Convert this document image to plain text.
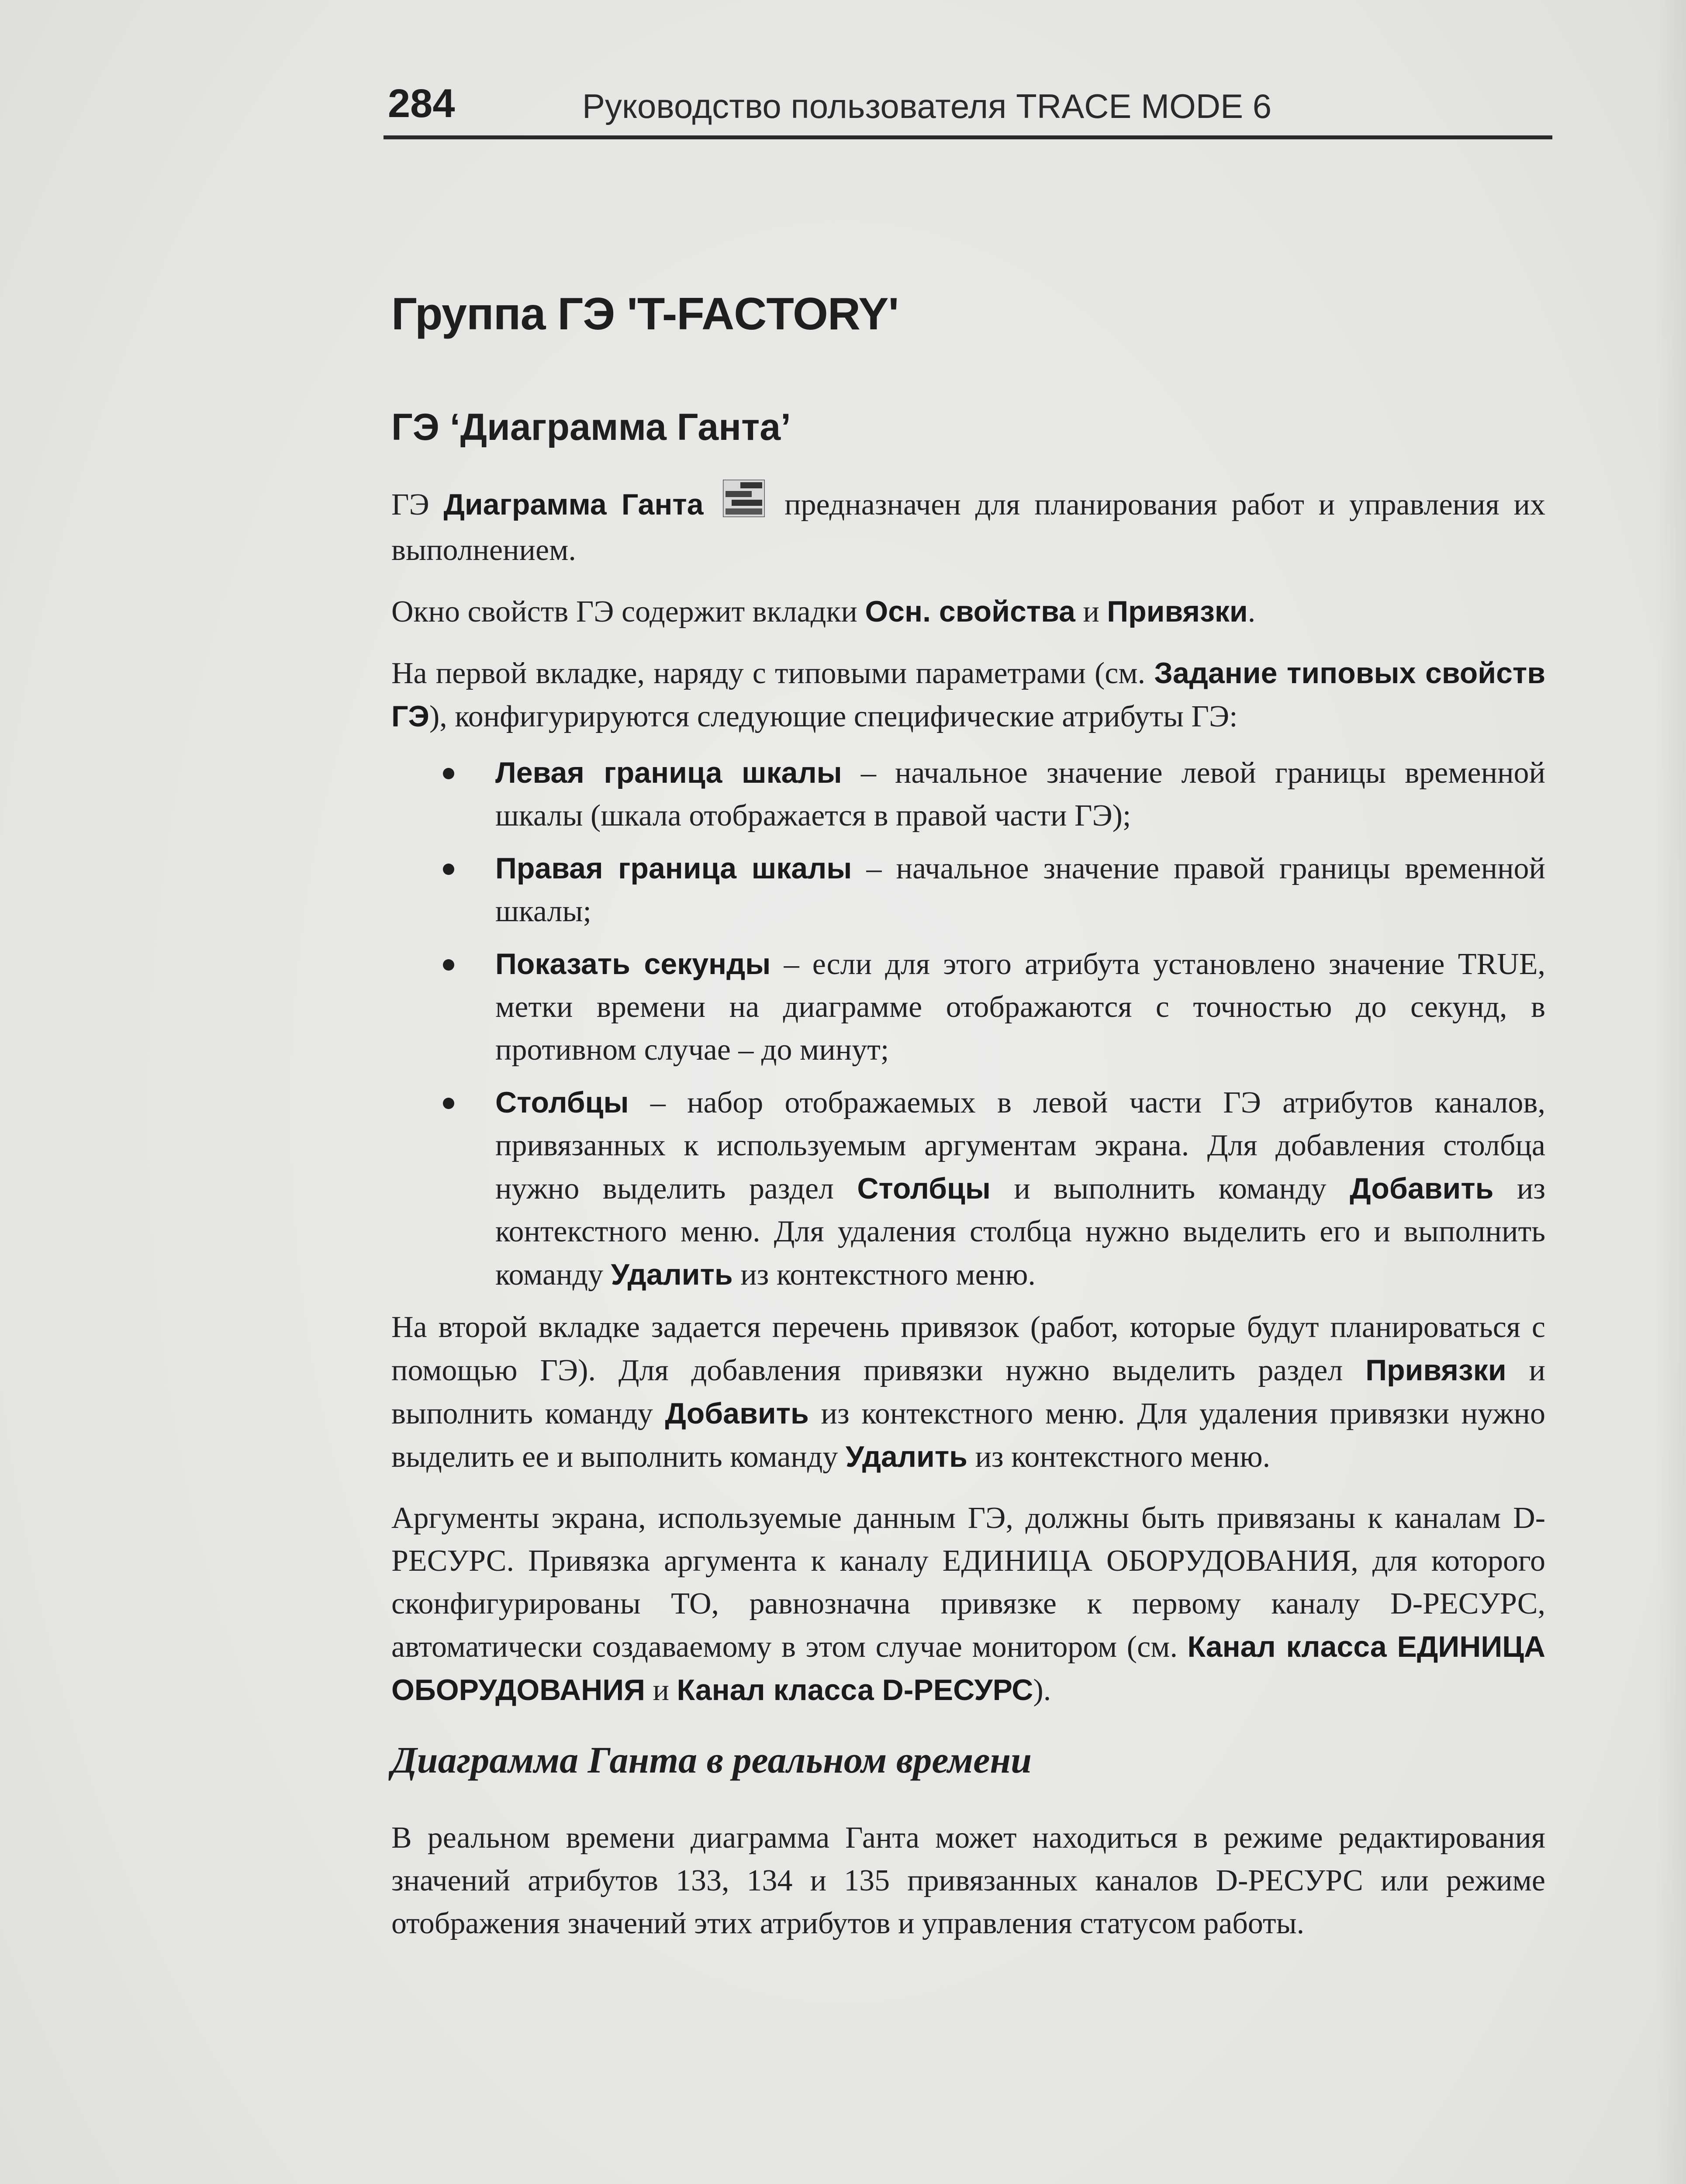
284	Руководство пользователя TRACE MODE 6
Группа ГЭ 'T-FACTORY'
ГЭ ‘Диаграмма Ганта’

ГЭ Диаграмма Ганта	предназначен для планирования работ и управления их выполнением.

Окно свойств ГЭ содержит вкладки Осн. свойства и Привязки.

На первой вкладке, наряду с типовыми параметрами (см. Задание типовых свойств ГЭ), конфигурируются следующие специфические атрибуты ГЭ:

Левая граница шкалы – начальное значение левой границы временной шкалы (шкала отображается в правой части ГЭ);
Правая граница шкалы – начальное значение правой границы временной шкалы;
Показать секунды – если для этого атрибута установлено значение TRUE, метки времени на диаграмме отображаются с точностью до секунд, в противном случае – до минут;
Столбцы – набор отображаемых в левой части ГЭ атрибутов каналов, привязанных к используемым аргументам экрана. Для добавления столбца нужно выделить раздел Столбцы и выполнить команду Добавить из контекстного меню. Для удаления столбца нужно выделить его и выполнить команду Удалить из контекстного меню.

На второй вкладке задается перечень привязок (работ, которые будут планироваться с помощью ГЭ). Для добавления привязки нужно выделить раздел Привязки и выполнить команду Добавить из контекстного меню. Для удаления привязки нужно выделить ее и выполнить команду Удалить из контекстного меню.

Аргументы экрана, используемые данным ГЭ, должны быть привязаны к каналам D-РЕСУРС. Привязка аргумента к каналу ЕДИНИЦА ОБОРУДОВАНИЯ, для которого сконфигурированы ТО, равнозначна привязке к первому каналу D-РЕСУРС, автоматически создаваемому в этом случае монитором (см. Канал класса ЕДИНИЦА ОБОРУДОВАНИЯ и Канал класса D-РЕСУРС).

Диаграмма Ганта в реальном времени

В реальном времени диаграмма Ганта может находиться в режиме редактирования значений атрибутов 133, 134 и 135 привязанных каналов D-РЕСУРС или режиме отображения значений этих атрибутов и управления статусом работы.
